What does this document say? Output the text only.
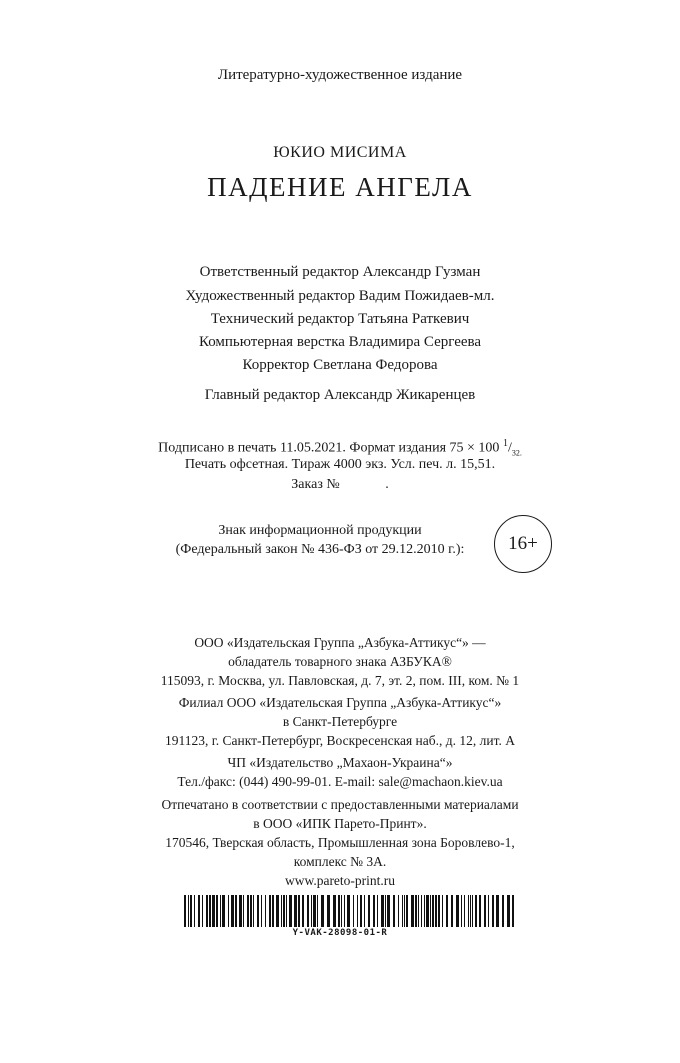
Литературно-художественное издание
ЮКИО МИСИМА
ПАДЕНИЕ АНГЕЛА
Ответственный редактор Александр Гузман
Художественный редактор Вадим Пожидаев-мл.
Технический редактор Татьяна Раткевич
Компьютерная верстка Владимира Сергеева
Корректор Светлана Федорова
Главный редактор Александр Жикаренцев
Подписано в печать 11.05.2021. Формат издания 75 × 100 $^1/_{32.}$
Печать офсетная. Тираж 4000 экз. Усл. печ. л. 15,51.
Заказ №             .
Знак информационной продукции
(Федеральный закон № 436-ФЗ от 29.12.2010 г.):	16+
ООО «Издательская Группа „Азбука-Аттикус“» —
обладатель товарного знака АЗБУКА®
115093, г. Москва, ул. Павловская, д. 7, эт. 2, пом. III, ком. № 1
Филиал ООО «Издательская Группа „Азбука-Аттикус“»
в Санкт-Петербурге
191123, г. Санкт-Петербург, Воскресенская наб., д. 12, лит. А
ЧП «Издательство „Махаон-Украина“»
Тел./факс: (044) 490-99-01. E-mail: sale@machaon.kiev.ua
Отпечатано в соответствии с предоставленными материалами
в ООО «ИПК Парето-Принт».
170546, Тверская область, Промышленная зона Боровлево-1,
комплекс № 3А.
www.pareto-print.ru
Y-VAK-28098-01-R
